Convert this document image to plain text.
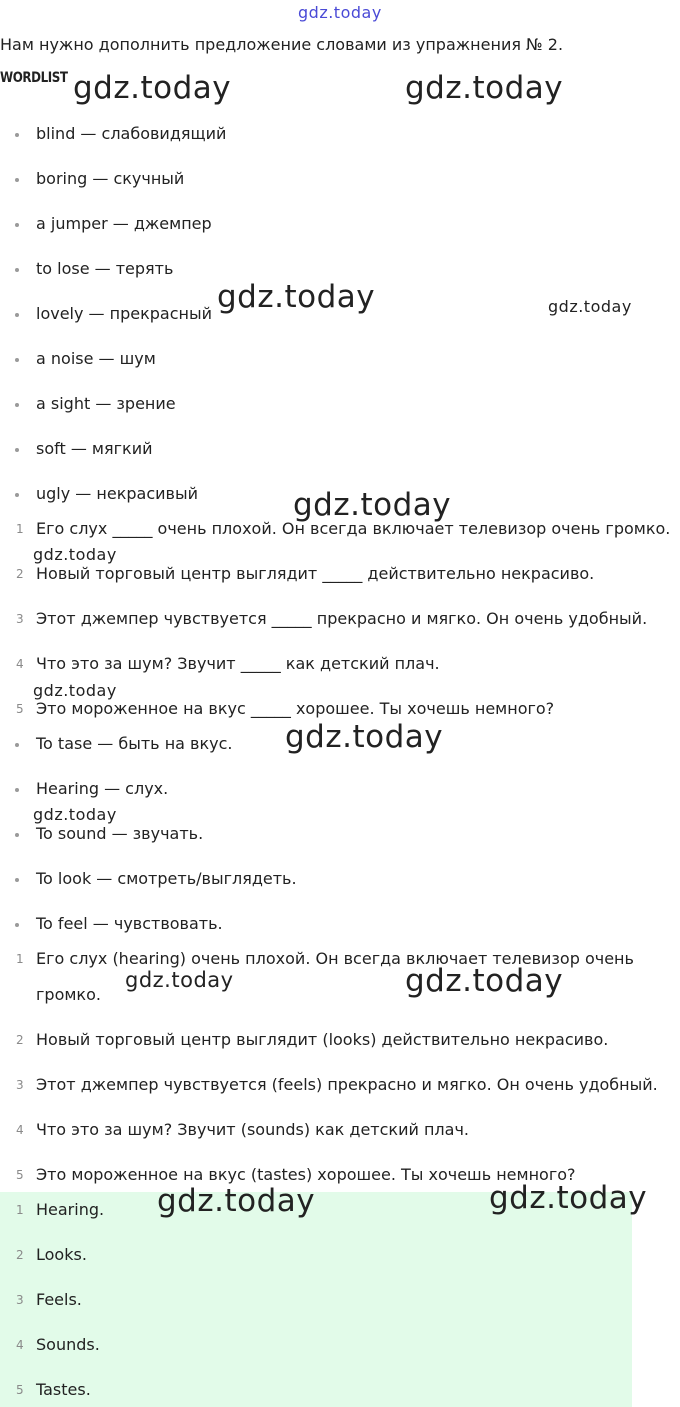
gdz.today
Нам нужно дополнить предложение словами из упражнения № 2.
WORDLIST
blind — слабовидящий
boring — скучный
a jumper — джемпер
to lose — терять
lovely — прекрасный
a noise — шум
a sight — зрение
soft — мягкий
ugly — некрасивый
1 Его слух _____ очень плохой. Он всегда включает телевизор очень громко.
2 Новый торговый центр выглядит _____ действительно некрасиво.
3 Этот джемпер чувствуется _____ прекрасно и мягко. Он очень удобный.
4 Что это за шум? Звучит _____ как детский плач.
5 Это мороженное на вкус _____ хорошее. Ты хочешь немного?
To tase — быть на вкус.
Hearing — слух.
To sound — звучать.
To look — смотреть/выглядеть.
To feel — чувствовать.
1 Его слух (hearing) очень плохой. Он всегда включает телевизор очень
громко.
2 Новый торговый центр выглядит (looks) действительно некрасиво.
3 Этот джемпер чувствуется (feels) прекрасно и мягко. Он очень удобный.
4 Что это за шум? Звучит (sounds) как детский плач.
5 Это мороженное на вкус (tastes) хорошее. Ты хочешь немного?
1 Hearing.
2 Looks.
3 Feels.
4 Sounds.
5 Tastes.
gdz.today	gdz.today
gdz.today	gdz.today
gdz.today
gdz.today
gdz.today
gdz.today
gdz.today
gdz.today	gdz.today
gdz.today	gdz.today
